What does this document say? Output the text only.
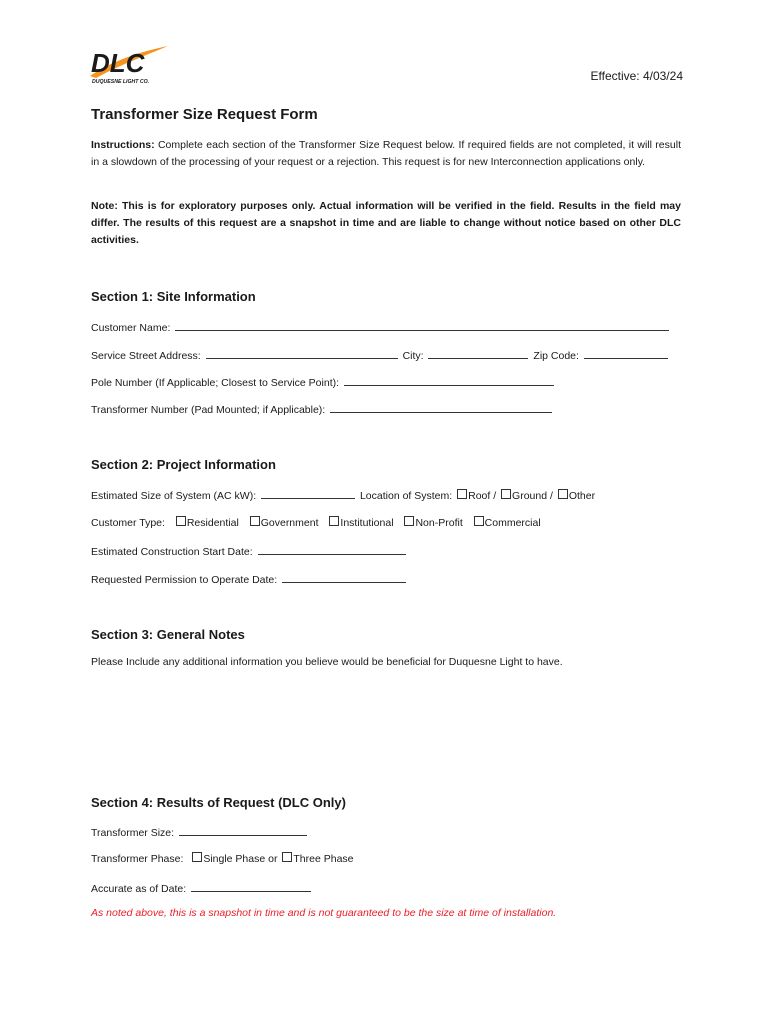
DLC
DUQUESNE LIGHT CO.	Effective: 4/03/24
Transformer Size Request Form

Instructions: Complete each section of the Transformer Size Request below. If required fields are not completed, it will result in a slowdown of the processing of your request or a rejection. This request is for new Interconnection applications only.

Note: This is for exploratory purposes only. Actual information will be verified in the field. Results in the field may differ. The results of this request are a snapshot in time and are liable to change without notice based on other DLC activities.

Section 1: Site Information
Customer Name:
Service Street Address:	City:	Zip Code:
Pole Number (If Applicable; Closest to Service Point):
Transformer Number (Pad Mounted; if Applicable):
Section 2: Project Information
Estimated Size of System (AC kW):	Location of System: Roof / Ground / Other
Customer Type: Residential Government Institutional Non-Profit Commercial
Estimated Construction Start Date:
Requested Permission to Operate Date:
Section 3: General Notes
Please Include any additional information you believe would be beneficial for Duquesne Light to have.
Section 4: Results of Request (DLC Only)
Transformer Size:
Transformer Phase: Single Phase or Three Phase
Accurate as of Date:
As noted above, this is a snapshot in time and is not guaranteed to be the size at time of installation.
